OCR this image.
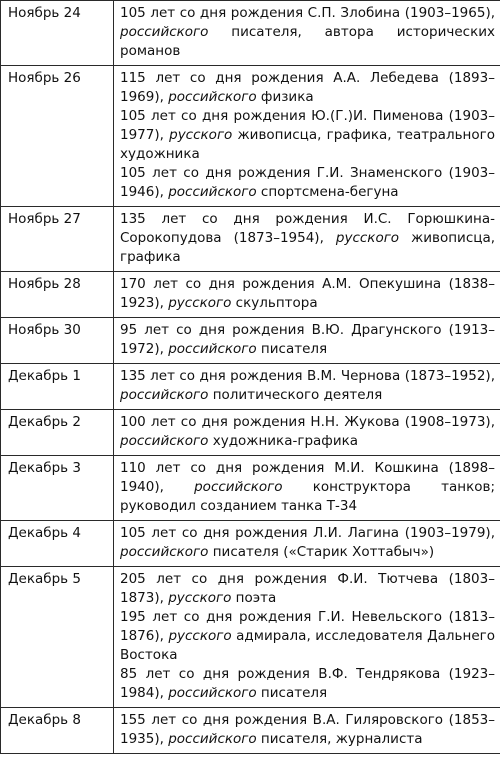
Ноябрь 24	105 лет со дня рождения С.П. Злобина (1903–1965), российского писателя, автора исторических романов

Ноябрь 26	115 лет со дня рождения А.А. Лебедева (1893–1969), российского физика
105 лет со дня рождения Ю.(Г.)И. Пименова (1903–1977), русского живописца, графика, театрального художника
105 лет со дня рождения Г.И. Знаменского (1903–1946), российского спортсмена-бегуна

Ноябрь 27	135 лет со дня рождения И.С. Горюшкина-Сорокопудова (1873–1954), русского живописца, графика

Ноябрь 28	170 лет со дня рождения А.М. Опекушина (1838–1923), русского скульптора

Ноябрь 30	95 лет со дня рождения В.Ю. Драгунского (1913–1972), российского писателя

Декабрь 1	135 лет со дня рождения В.М. Чернова (1873–1952), российского политического деятеля

Декабрь 2	100 лет со дня рождения Н.Н. Жукова (1908–1973), российского художника-графика

Декабрь 3	110 лет со дня рождения М.И. Кошкина (1898–1940), российского конструктора танков; руководил созданием танка Т-34

Декабрь 4	105 лет со дня рождения Л.И. Лагина (1903–1979), российского писателя («Старик Хоттабыч»)

Декабрь 5	205 лет со дня рождения Ф.И. Тютчева (1803–1873), русского поэта
195 лет со дня рождения Г.И. Невельского (1813–1876), русского адмирала, исследователя Дальнего Востока
85 лет со дня рождения В.Ф. Тендрякова (1923–1984), российского писателя

Декабрь 8	155 лет со дня рождения В.А. Гиляровского (1853–1935), российского писателя, журналиста
